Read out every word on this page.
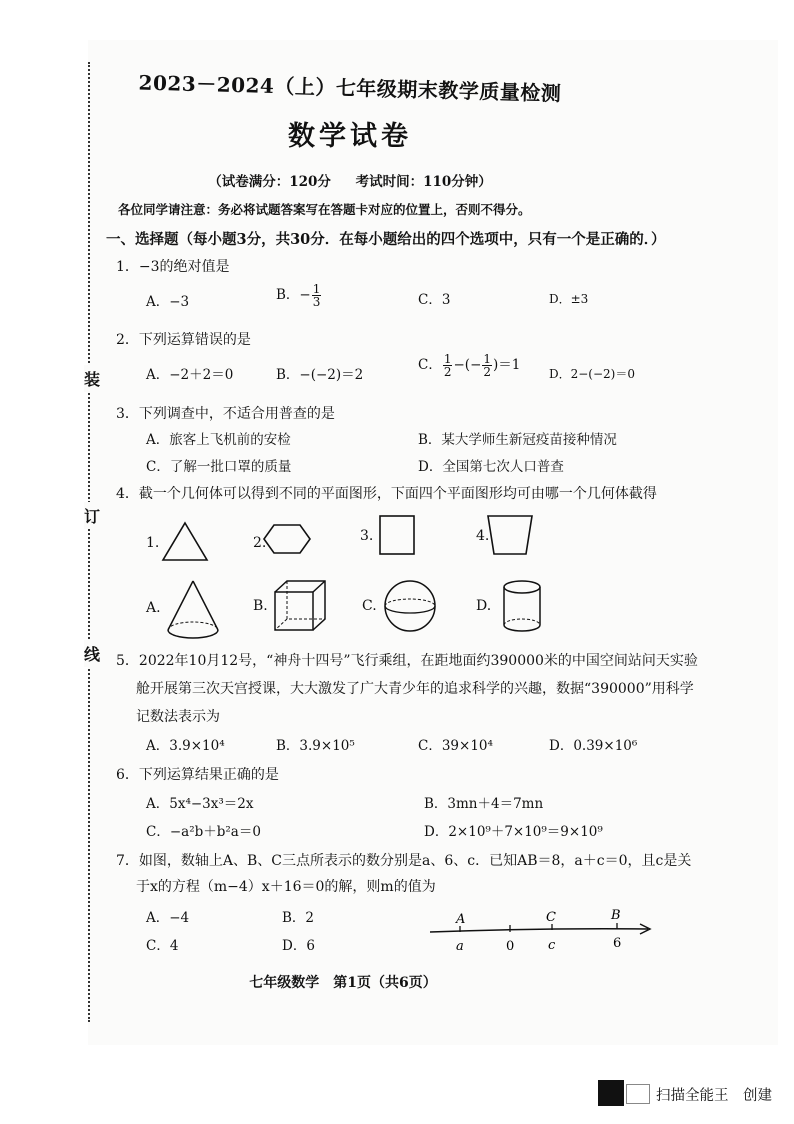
装
订
线
2023－2024（上）七年级期末教学质量检测
数学试卷
（试卷满分：120分 考试时间：110分钟）
各位同学请注意：务必将试题答案写在答题卡对应的位置上，否则不得分。
一、选择题（每小题3分，共30分．在每小题给出的四个选项中，只有一个是正确的．）
1．−3的绝对值是
A．−3	B．− $\frac{1}{3}$	C．3	D．±3
2．下列运算错误的是
A．−2＋2＝0	B．−(−2)＝2
C． $\frac{1}{2}$ −(− $\frac{1}{2} )=1$
D．2−(−2)＝0
3．下列调查中，不适合用普查的是
A．旅客上飞机前的安检	B．某大学师生新冠疫苗接种情况
C．了解一批口罩的质量	D．全国第七次人口普查
4．截一个几何体可以得到不同的平面图形，下面四个平面图形均可由哪一个几何体截得
1.	2.	3.	4.
A.	B.	C.	D.
5．2022年10月12号，“神舟十四号”飞行乘组，在距地面约390000米的中国空间站问天实验
舱开展第三次天宫授课，大大激发了广大青少年的追求科学的兴趣，数据“390000”用科学
记数法表示为
A．3.9×10⁴	B．3.9×10⁵	C．39×10⁴	D．0.39×10⁶
6．下列运算结果正确的是
A．5x⁴−3x³＝2x	B．3mn＋4＝7mn
C．−a²b＋b²a＝0	D．2×10⁹＋7×10⁹＝9×10⁹
7．如图，数轴上A、B、C三点所表示的数分别是a、6、c．已知AB＝8，a＋c＝0，且c是关
于x的方程（m−4）x＋16＝0的解，则m的值为
A．−4	B．2
C．4	D．6
A	C	B
a	0	c	6
七年级数学　第1页（共6页）
扫描全能王　创建
